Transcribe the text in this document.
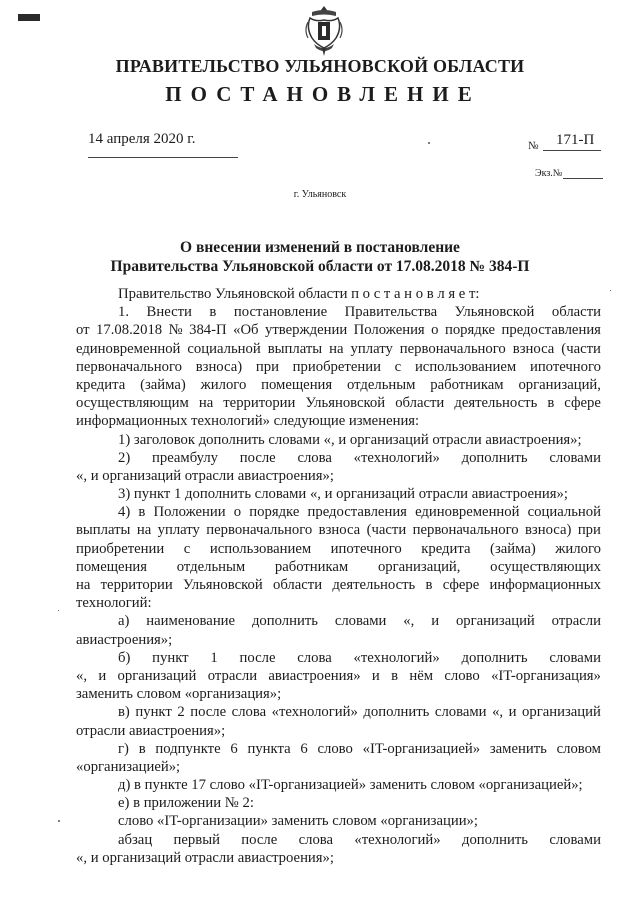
ПРАВИТЕЛЬСТВО УЛЬЯНОВСКОЙ ОБЛАСТИ
ПОСТАНОВЛЕНИЕ
14 апреля 2020 г.	№ 171-П
Экз.№
г. Ульяновск
О внесении изменений в постановление
Правительства Ульяновской области от 17.08.2018 № 384-П
Правительство Ульяновской области п о с т а н о в л я е т:
1. Внести в постановление Правительства Ульяновской области
от 17.08.2018 № 384-П «Об утверждении Положения о порядке предоставления
единовременной социальной выплаты на уплату первоначального взноса (части
первоначального взноса) при приобретении с использованием ипотечного
кредита (займа) жилого помещения отдельным работникам организаций,
осуществляющим на территории Ульяновской области деятельность в сфере
информационных технологий» следующие изменения:
1) заголовок дополнить словами «, и организаций отрасли авиастроения»;
2) преамбулу после слова «технологий» дополнить словами
«, и организаций отрасли авиастроения»;
3) пункт 1 дополнить словами «, и организаций отрасли авиастроения»;
4) в Положении о порядке предоставления единовременной социальной
выплаты на уплату первоначального взноса (части первоначального взноса) при
приобретении с использованием ипотечного кредита (займа) жилого
помещения отдельным работникам организаций, осуществляющих
на территории Ульяновской области деятельность в сфере информационных
технологий:
а) наименование дополнить словами «, и организаций отрасли
авиастроения»;
б) пункт 1 после слова «технологий» дополнить словами
«, и организаций отрасли авиастроения» и в нём слово «IT-организация»
заменить словом «организация»;
в) пункт 2 после слова «технологий» дополнить словами «, и организаций
отрасли авиастроения»;
г) в подпункте 6 пункта 6 слово «IT-организацией» заменить словом
«организацией»;
д) в пункте 17 слово «IT-организацией» заменить словом «организацией»;
е) в приложении № 2:
слово «IT-организации» заменить словом «организации»;
абзац первый после слова «технологий» дополнить словами
«, и организаций отрасли авиастроения»;
